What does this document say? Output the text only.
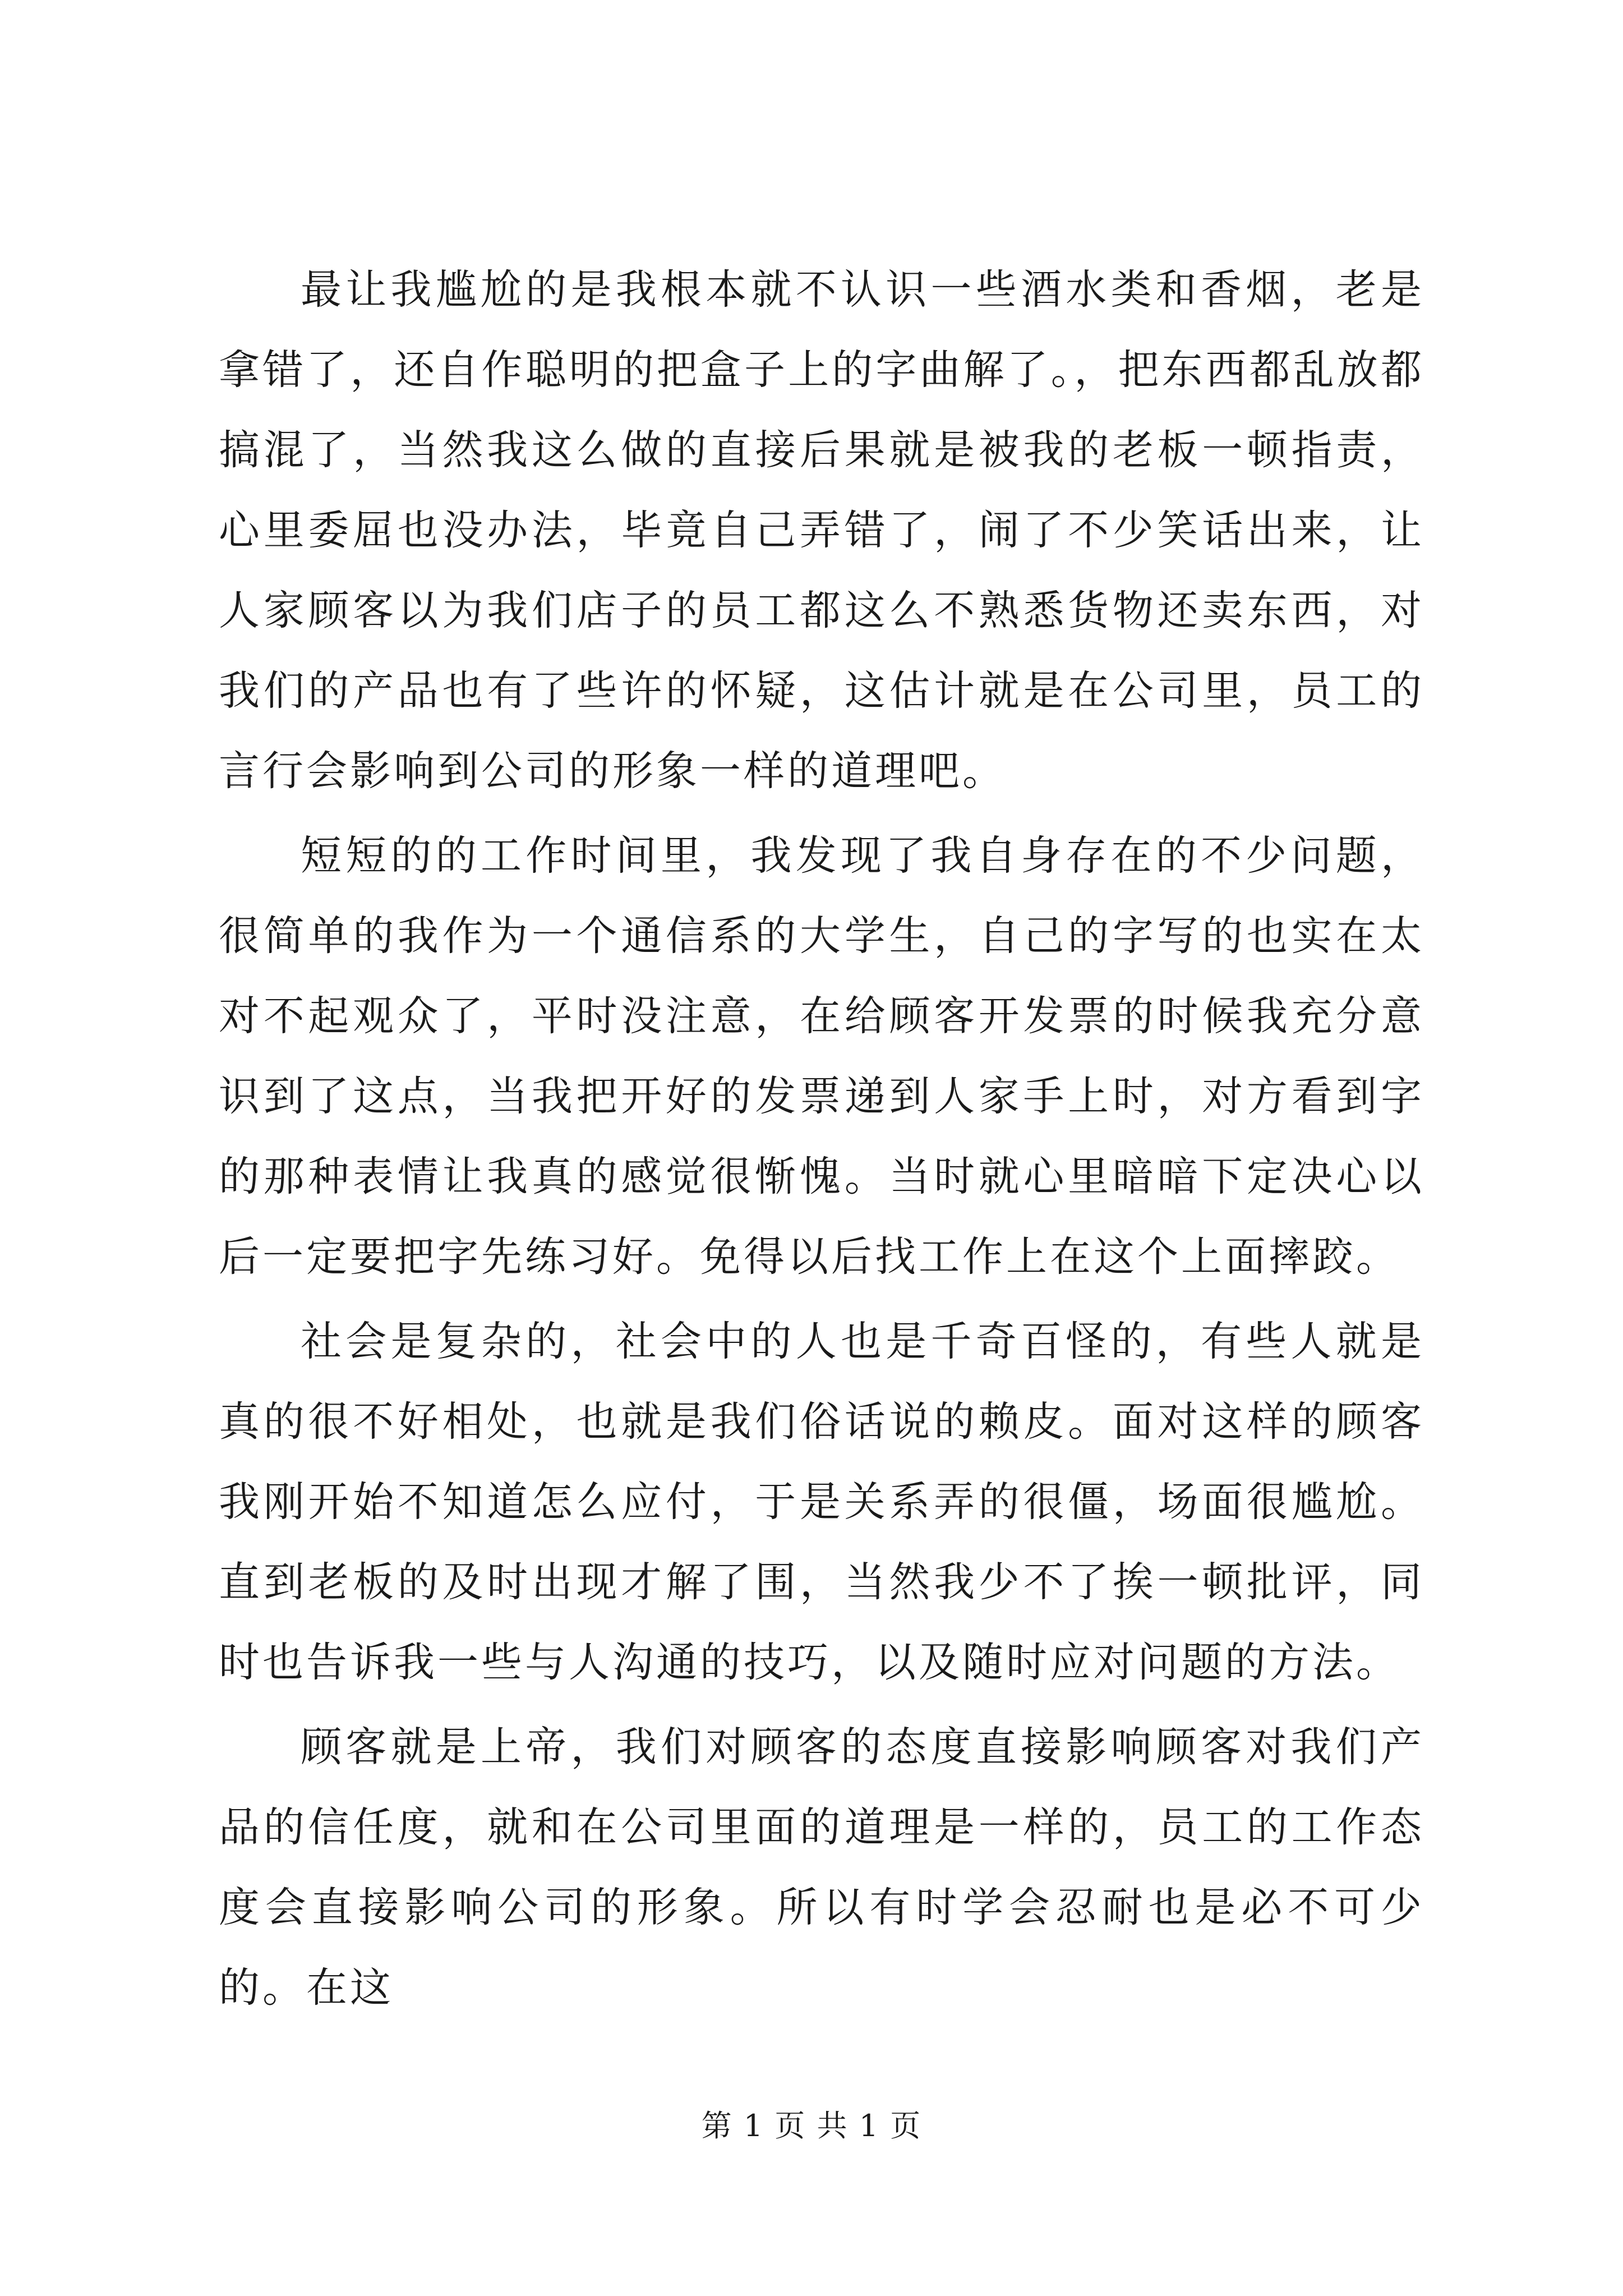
最让我尴尬的是我根本就不认识一些酒水类和香烟，老是拿错了，还自作聪明的把盒子上的字曲解了。，把东西都乱放都搞混了，当然我这么做的直接后果就是被我的老板一顿指责，心里委屈也没办法，毕竟自己弄错了，闹了不少笑话出来，让人家顾客以为我们店子的员工都这么不熟悉货物还卖东西，对我们的产品也有了些许的怀疑，这估计就是在公司里，员工的言行会影响到公司的形象一样的道理吧。

短短的的工作时间里，我发现了我自身存在的不少问题，很简单的我作为一个通信系的大学生，自己的字写的也实在太对不起观众了，平时没注意，在给顾客开发票的时候我充分意识到了这点，当我把开好的发票递到人家手上时，对方看到字的那种表情让我真的感觉很惭愧。当时就心里暗暗下定决心以后一定要把字先练习好。免得以后找工作上在这个上面摔跤。

社会是复杂的，社会中的人也是千奇百怪的，有些人就是真的很不好相处，也就是我们俗话说的赖皮。面对这样的顾客我刚开始不知道怎么应付，于是关系弄的很僵，场面很尴尬。直到老板的及时出现才解了围，当然我少不了挨一顿批评，同时也告诉我一些与人沟通的技巧，以及随时应对问题的方法。

顾客就是上帝，我们对顾客的态度直接影响顾客对我们产品的信任度，就和在公司里面的道理是一样的，员工的工作态度会直接影响公司的形象。所以有时学会忍耐也是必不可少的。在这

第 1 页 共 1 页
